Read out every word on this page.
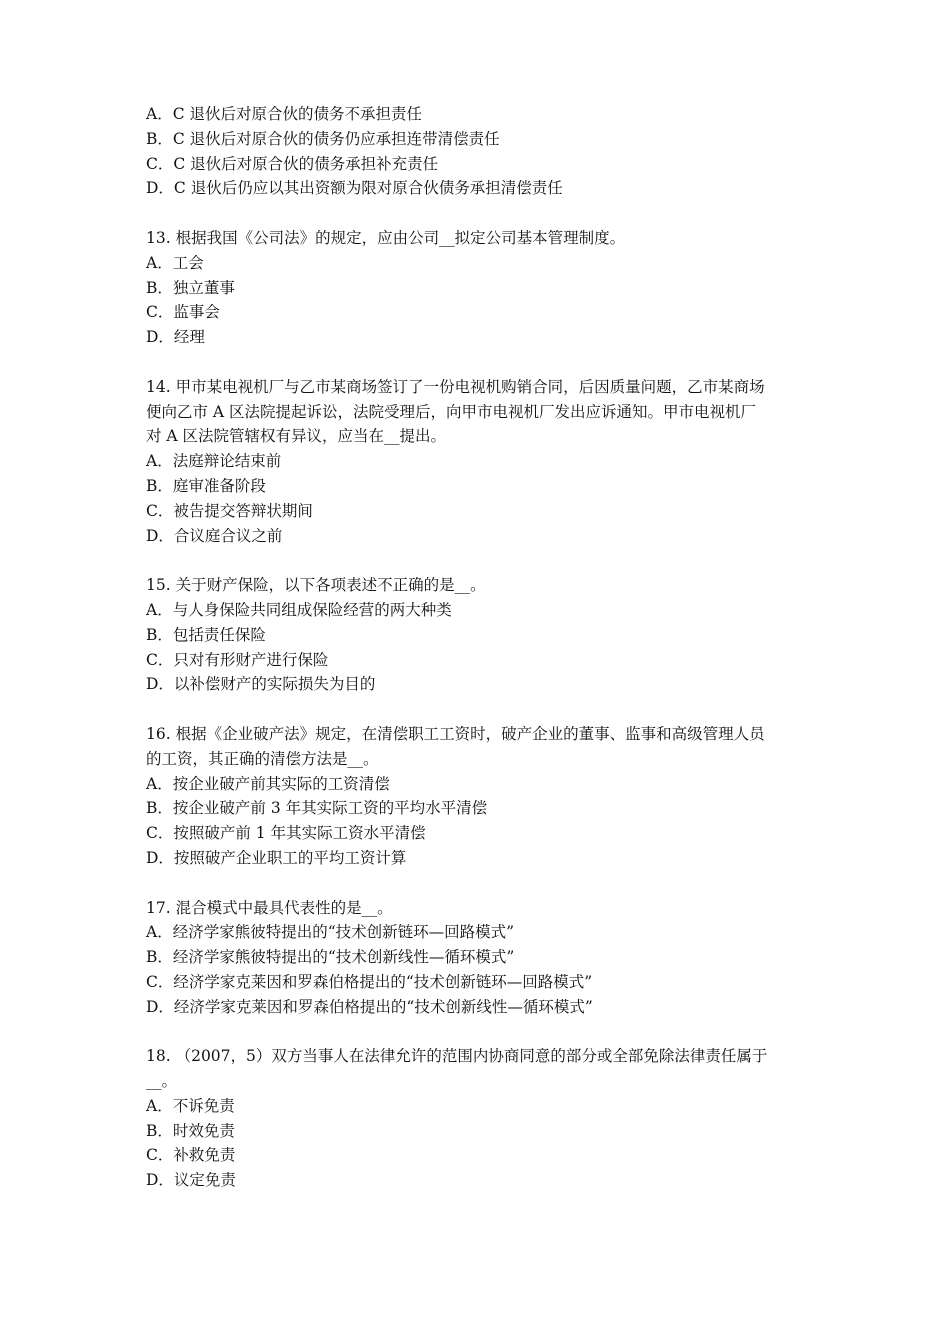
A．C 退伙后对原合伙的债务不承担责任
B．C 退伙后对原合伙的债务仍应承担连带清偿责任
C．C 退伙后对原合伙的债务承担补充责任
D．C 退伙后仍应以其出资额为限对原合伙债务承担清偿责任
13. 根据我国《公司法》的规定，应由公司__拟定公司基本管理制度。
A．工会
B．独立董事
C．监事会
D．经理
14. 甲市某电视机厂与乙市某商场签订了一份电视机购销合同，后因质量问题，乙市某商场
便向乙市 A 区法院提起诉讼，法院受理后，向甲市电视机厂发出应诉通知。甲市电视机厂
对 A 区法院管辖权有异议，应当在__提出。
A．法庭辩论结束前
B．庭审准备阶段
C．被告提交答辩状期间
D．合议庭合议之前
15. 关于财产保险，以下各项表述不正确的是__。
A．与人身保险共同组成保险经营的两大种类
B．包括责任保险
C．只对有形财产进行保险
D．以补偿财产的实际损失为目的
16. 根据《企业破产法》规定，在清偿职工工资时，破产企业的董事、监事和高级管理人员
的工资，其正确的清偿方法是__。
A．按企业破产前其实际的工资清偿
B．按企业破产前 3 年其实际工资的平均水平清偿
C．按照破产前 1 年其实际工资水平清偿
D．按照破产企业职工的平均工资计算
17. 混合模式中最具代表性的是__。
A．经济学家熊彼特提出的“技术创新链环—回路模式”
B．经济学家熊彼特提出的“技术创新线性—循环模式”
C．经济学家克莱因和罗森伯格提出的“技术创新链环—回路模式”
D．经济学家克莱因和罗森伯格提出的“技术创新线性—循环模式”
18. （2007，5）双方当事人在法律允许的范围内协商同意的部分或全部免除法律责任属于
__。
A．不诉免责
B．时效免责
C．补救免责
D．议定免责
